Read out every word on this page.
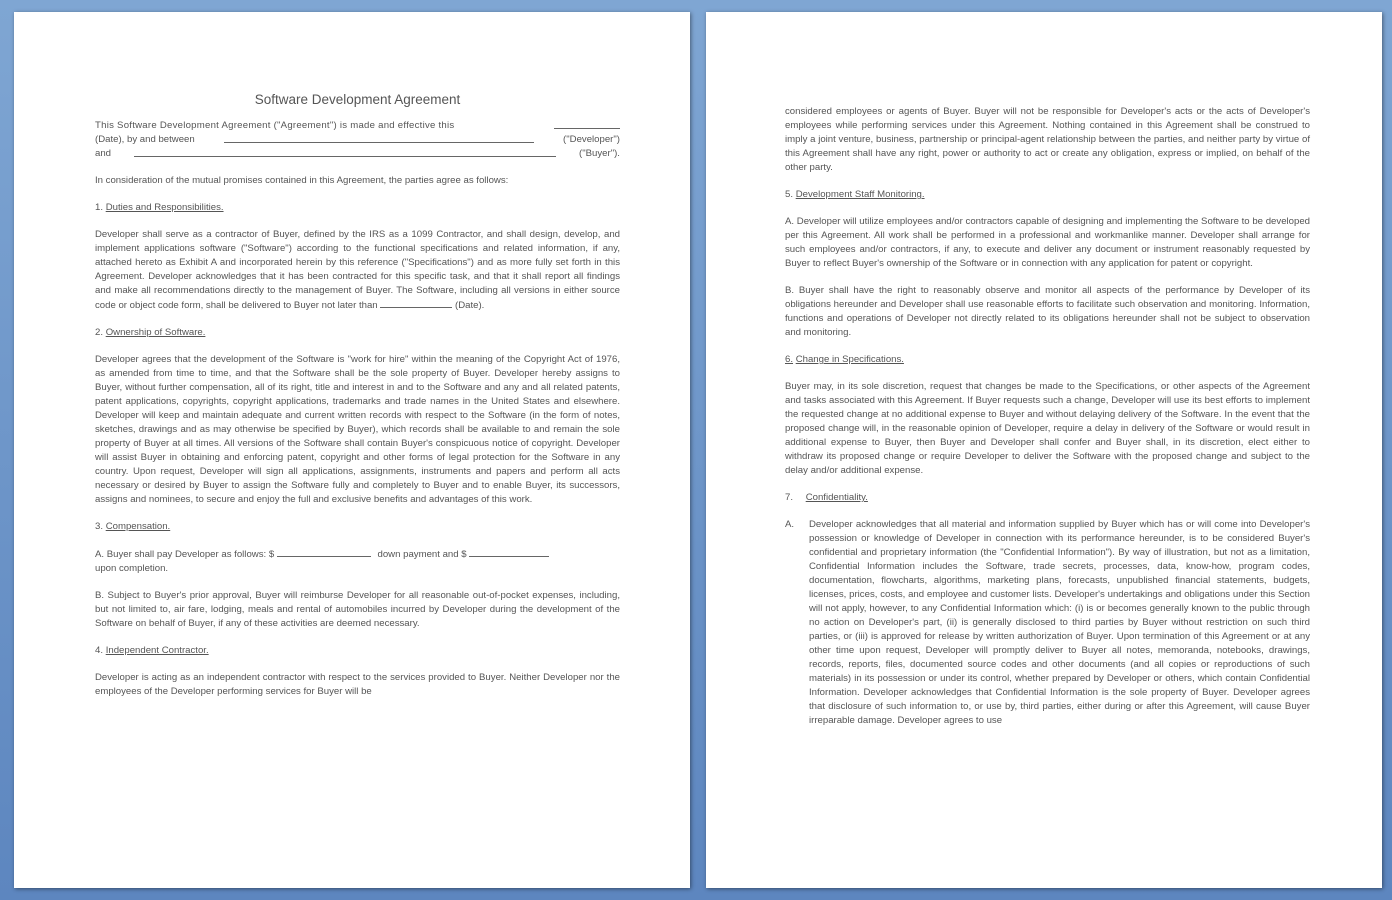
Software Development Agreement
This Software Development Agreement ("Agreement") is made and effective this
(Date), by and between	("Developer")
and	("Buyer").

In consideration of the mutual promises contained in this Agreement, the parties agree as follows:

1. Duties and Responsibilities.

Developer shall serve as a contractor of Buyer, defined by the IRS as a 1099 Contractor, and shall design, develop, and implement applications software ("Software") according to the functional specifications and related information, if any, attached hereto as Exhibit A and incorporated herein by this reference ("Specifications") and as more fully set forth in this Agreement. Developer acknowledges that it has been contracted for this specific task, and that it shall report all findings and make all recommendations directly to the management of Buyer. The Software, including all versions in either source code or object code form, shall be delivered to Buyer not later than	(Date).

2. Ownership of Software.

Developer agrees that the development of the Software is "work for hire" within the meaning of the Copyright Act of 1976, as amended from time to time, and that the Software shall be the sole property of Buyer. Developer hereby assigns to Buyer, without further compensation, all of its right, title and interest in and to the Software and any and all related patents, patent applications, copyrights, copyright applications, trademarks and trade names in the United States and elsewhere. Developer will keep and maintain adequate and current written records with respect to the Software (in the form of notes, sketches, drawings and as may otherwise be specified by Buyer), which records shall be available to and remain the sole property of Buyer at all times. All versions of the Software shall contain Buyer's conspicuous notice of copyright. Developer will assist Buyer in obtaining and enforcing patent, copyright and other forms of legal protection for the Software in any country. Upon request, Developer will sign all applications, assignments, instruments and papers and perform all acts necessary or desired by Buyer to assign the Software fully and completely to Buyer and to enable Buyer, its successors, assigns and nominees, to secure and enjoy the full and exclusive benefits and advantages of this work.

3. Compensation.

A. Buyer shall pay Developer as follows: $	down payment and $
upon completion.

B. Subject to Buyer's prior approval, Buyer will reimburse Developer for all reasonable out-of-pocket expenses, including, but not limited to, air fare, lodging, meals and rental of automobiles incurred by Developer during the development of the Software on behalf of Buyer, if any of these activities are deemed necessary.

4. Independent Contractor.

Developer is acting as an independent contractor with respect to the services provided to Buyer. Neither Developer nor the employees of the Developer performing services for Buyer will be

considered employees or agents of Buyer. Buyer will not be responsible for Developer's acts or the acts of Developer's employees while performing services under this Agreement. Nothing contained in this Agreement shall be construed to imply a joint venture, business, partnership or principal-agent relationship between the parties, and neither party by virtue of this Agreement shall have any right, power or authority to act or create any obligation, express or implied, on behalf of the other party.

5. Development Staff Monitoring.

A. Developer will utilize employees and/or contractors capable of designing and implementing the Software to be developed per this Agreement. All work shall be performed in a professional and workmanlike manner. Developer shall arrange for such employees and/or contractors, if any, to execute and deliver any document or instrument reasonably requested by Buyer to reflect Buyer's ownership of the Software or in connection with any application for patent or copyright.

B. Buyer shall have the right to reasonably observe and monitor all aspects of the performance by Developer of its obligations hereunder and Developer shall use reasonable efforts to facilitate such observation and monitoring. Information, functions and operations of Developer not directly related to its obligations hereunder shall not be subject to observation and monitoring.

6. Change in Specifications.

Buyer may, in its sole discretion, request that changes be made to the Specifications, or other aspects of the Agreement and tasks associated with this Agreement. If Buyer requests such a change, Developer will use its best efforts to implement the requested change at no additional expense to Buyer and without delaying delivery of the Software. In the event that the proposed change will, in the reasonable opinion of Developer, require a delay in delivery of the Software or would result in additional expense to Buyer, then Buyer and Developer shall confer and Buyer shall, in its discretion, elect either to withdraw its proposed change or require Developer to deliver the Software with the proposed change and subject to the delay and/or additional expense.

7. Confidentiality.
A.	Developer acknowledges that all material and information supplied by Buyer which has or will come into Developer's possession or knowledge of Developer in connection with its performance hereunder, is to be considered Buyer's confidential and proprietary information (the "Confidential Information"). By way of illustration, but not as a limitation, Confidential Information includes the Software, trade secrets, processes, data, know-how, program codes, documentation, flowcharts, algorithms, marketing plans, forecasts, unpublished financial statements, budgets, licenses, prices, costs, and employee and customer lists. Developer's undertakings and obligations under this Section will not apply, however, to any Confidential Information which: (i) is or becomes generally known to the public through no action on Developer's part, (ii) is generally disclosed to third parties by Buyer without restriction on such third parties, or (iii) is approved for release by written authorization of Buyer. Upon termination of this Agreement or at any other time upon request, Developer will promptly deliver to Buyer all notes, memoranda, notebooks, drawings, records, reports, files, documented source codes and other documents (and all copies or reproductions of such materials) in its possession or under its control, whether prepared by Developer or others, which contain Confidential Information. Developer acknowledges that Confidential Information is the sole property of Buyer. Developer agrees that disclosure of such information to, or use by, third parties, either during or after this Agreement, will cause Buyer irreparable damage. Developer agrees to use
